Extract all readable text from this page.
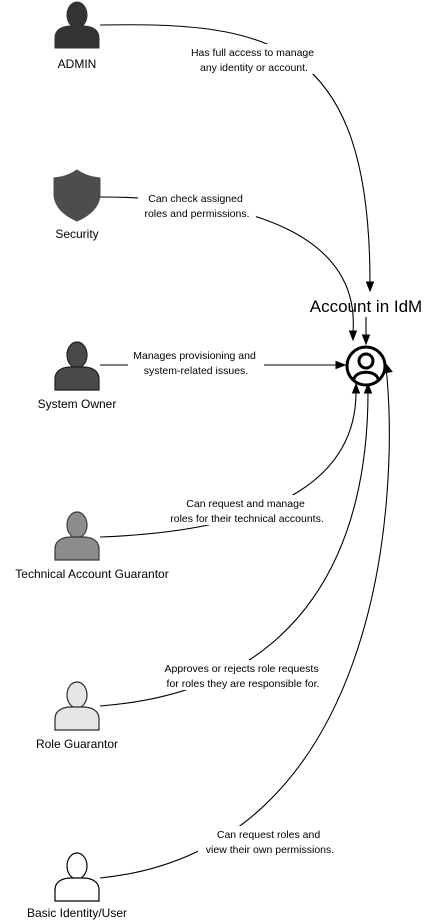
Has full access to manage any identity or account.
Can check assigned roles and permissions.
Manages provisioning and system-related issues.
Can request and manage roles for their technical accounts.
Approves or rejects role requests for roles they are responsible for.
Can request roles and view their own permissions.
Account in IdM
ADMIN
Security
System Owner
Technical Account Guarantor
Role Guarantor
Basic Identity/User
